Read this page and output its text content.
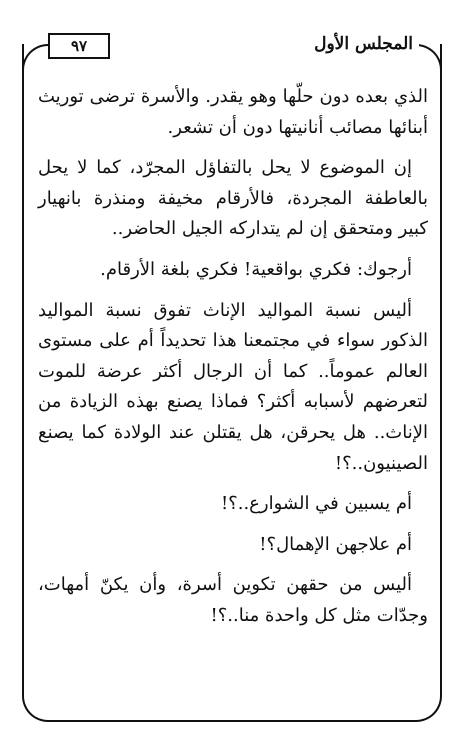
المجلس الأول
٩٧

الذي بعده دون حلّها وهو يقدر. والأسرة ترضى توريث أبنائها مصائب أنانيتها دون أن تشعر.

إن الموضوع لا يحل بالتفاؤل المجرّد، كما لا يحل بالعاطفة المجردة، فالأرقام مخيفة ومنذرة بانهيار كبير ومتحقق إن لم يتداركه الجيل الحاضر..

أرجوك: فكري بواقعية! فكري بلغة الأرقام.

أليس نسبة المواليد الإناث تفوق نسبة المواليد الذكور سواء في مجتمعنا هذا تحديداً أم على مستوى العالم عموماً.. كما أن الرجال أكثر عرضة للموت لتعرضهم لأسبابه أكثر؟ فماذا يصنع بهذه الزيادة من الإناث.. هل يحرقن، هل يقتلن عند الولادة كما يصنع الصينيون..؟!

أم يسبين في الشوارع..؟!

أم علاجهن الإهمال؟!

أليس من حقهن تكوين أسرة، وأن يكنّ أمهات، وجدّات مثل كل واحدة منا..؟!
